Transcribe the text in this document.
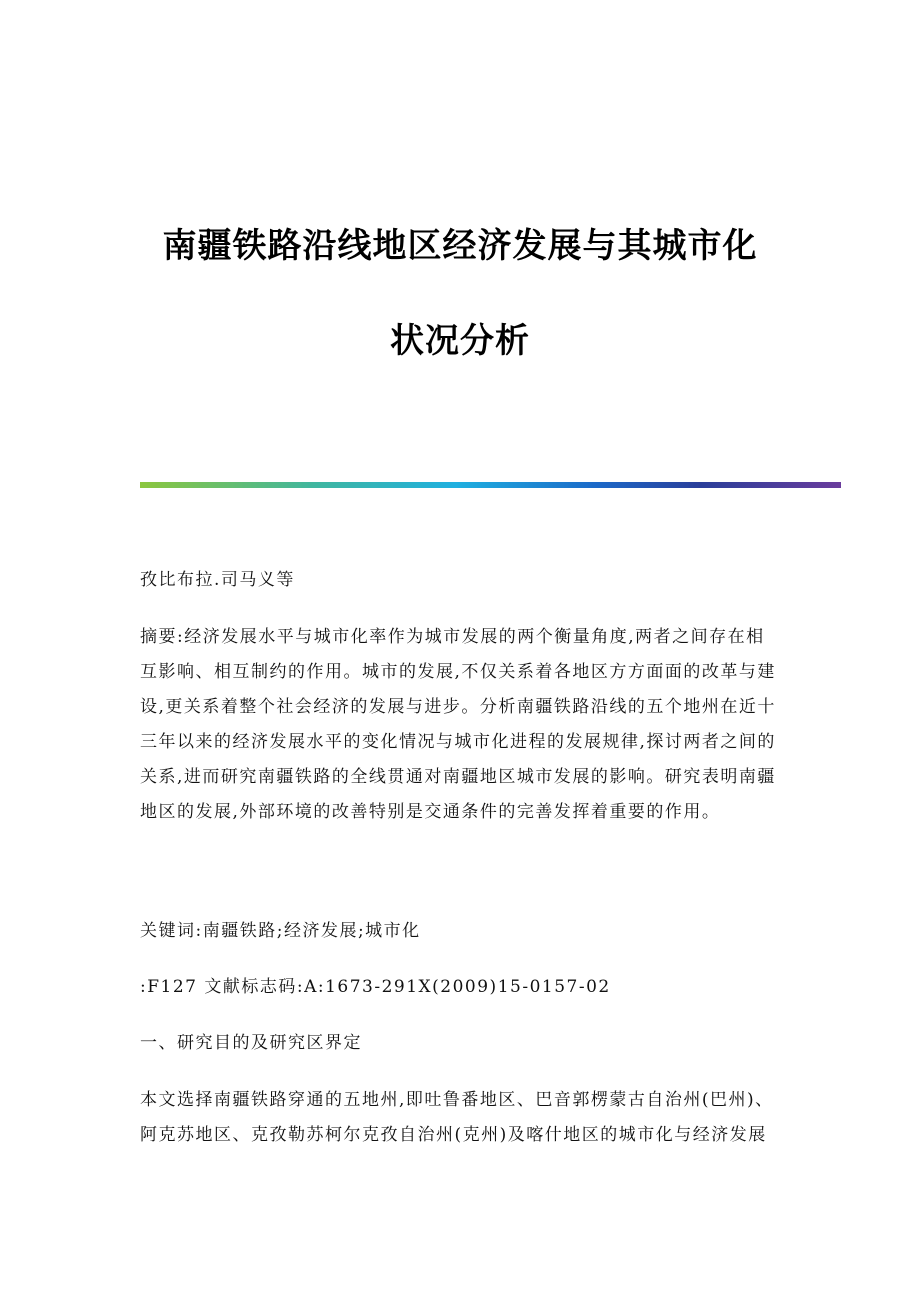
南疆铁路沿线地区经济发展与其城市化
状况分析
孜比布拉.司马义等
摘要:经济发展水平与城市化率作为城市发展的两个衡量角度,两者之间存在相
互影响、相互制约的作用。城市的发展,不仅关系着各地区方方面面的改革与建
设,更关系着整个社会经济的发展与进步。分析南疆铁路沿线的五个地州在近十
三年以来的经济发展水平的变化情况与城市化进程的发展规律,探讨两者之间的
关系,进而研究南疆铁路的全线贯通对南疆地区城市发展的影响。研究表明南疆
地区的发展,外部环境的改善特别是交通条件的完善发挥着重要的作用。
关键词:南疆铁路;经济发展;城市化
:F127 文献标志码:A:1673-291X(2009)15-0157-02
一、研究目的及研究区界定
本文选择南疆铁路穿通的五地州,即吐鲁番地区、巴音郭楞蒙古自治州(巴州)、
阿克苏地区、克孜勒苏柯尔克孜自治州(克州)及喀什地区的城市化与经济发展
